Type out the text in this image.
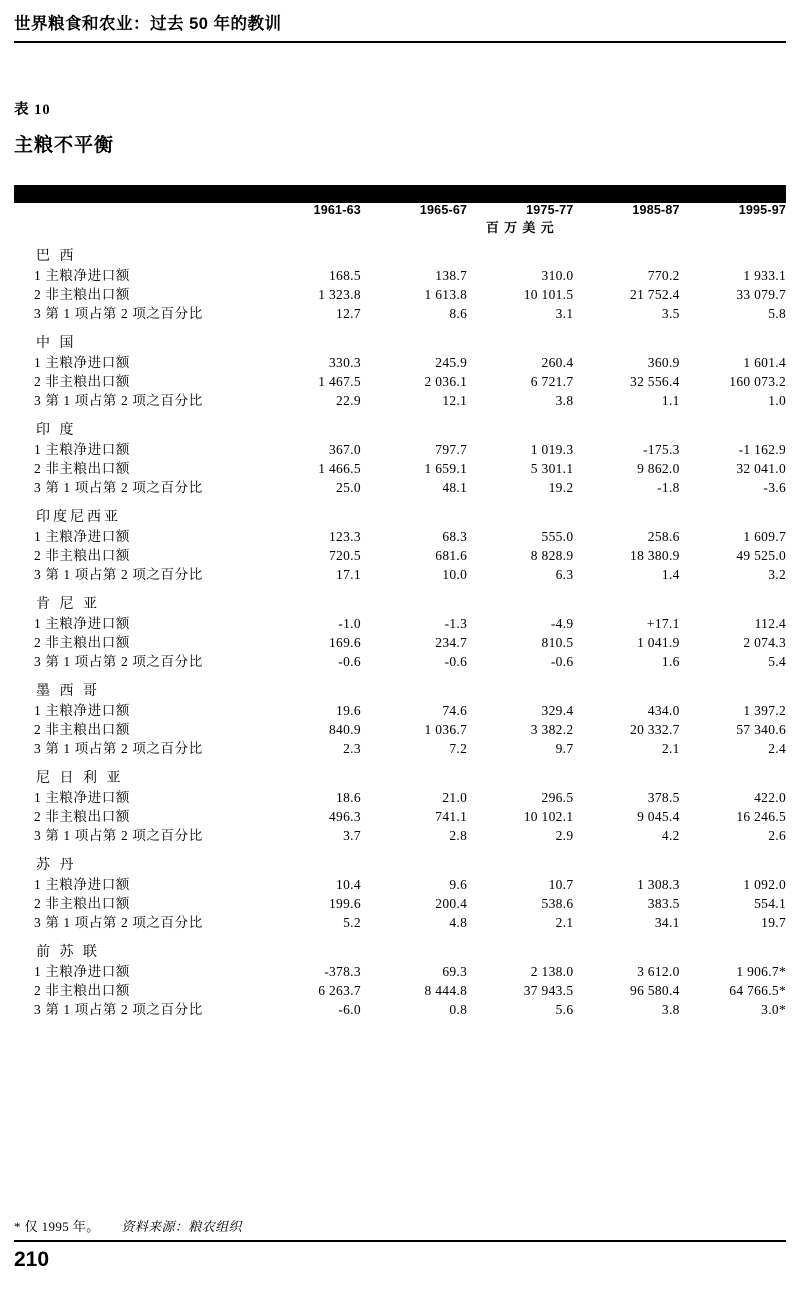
世界粮食和农业：过去 50 年的教训
表 10
主粮不平衡
	1961-63	1965-67	1975-77	1985-87	1995-97
	百 万 美 元				
巴 西					
1 主粮净进口额	168.5	138.7	310.0	770.2	1 933.1
2 非主粮出口额	1 323.8	1 613.8	10 101.5	21 752.4	33 079.7
3 第 1 项占第 2 项之百分比	12.7	8.6	3.1	3.5	5.8
中 国					
1 主粮净进口额	330.3	245.9	260.4	360.9	1 601.4
2 非主粮出口额	1 467.5	2 036.1	6 721.7	32 556.4	160 073.2
3 第 1 项占第 2 项之百分比	22.9	12.1	3.8	1.1	1.0
印 度					
1 主粮净进口额	367.0	797.7	1 019.3	-175.3	-1 162.9
2 非主粮出口额	1 466.5	1 659.1	5 301.1	9 862.0	32 041.0
3 第 1 项占第 2 项之百分比	25.0	48.1	19.2	-1.8	-3.6
印度尼西亚					
1 主粮净进口额	123.3	68.3	555.0	258.6	1 609.7
2 非主粮出口额	720.5	681.6	8 828.9	18 380.9	49 525.0
3 第 1 项占第 2 项之百分比	17.1	10.0	6.3	1.4	3.2
肯 尼 亚					
1 主粮净进口额	-1.0	-1.3	-4.9	+17.1	112.4
2 非主粮出口额	169.6	234.7	810.5	1 041.9	2 074.3
3 第 1 项占第 2 项之百分比	-0.6	-0.6	-0.6	1.6	5.4
墨 西 哥					
1 主粮净进口额	19.6	74.6	329.4	434.0	1 397.2
2 非主粮出口额	840.9	1 036.7	3 382.2	20 332.7	57 340.6
3 第 1 项占第 2 项之百分比	2.3	7.2	9.7	2.1	2.4
尼 日 利 亚					
1 主粮净进口额	18.6	21.0	296.5	378.5	422.0
2 非主粮出口额	496.3	741.1	10 102.1	9 045.4	16 246.5
3 第 1 项占第 2 项之百分比	3.7	2.8	2.9	4.2	2.6
苏 丹					
1 主粮净进口额	10.4	9.6	10.7	1 308.3	1 092.0
2 非主粮出口额	199.6	200.4	538.6	383.5	554.1
3 第 1 项占第 2 项之百分比	5.2	4.8	2.1	34.1	19.7
前 苏 联					
1 主粮净进口额	-378.3	69.3	2 138.0	3 612.0	1 906.7*
2 非主粮出口额	6 263.7	8 444.8	37 943.5	96 580.4	64 766.5*
3 第 1 项占第 2 项之百分比	-6.0	0.8	5.6	3.8	3.0*
* 仅 1995 年。 资料来源：粮农组织
210
